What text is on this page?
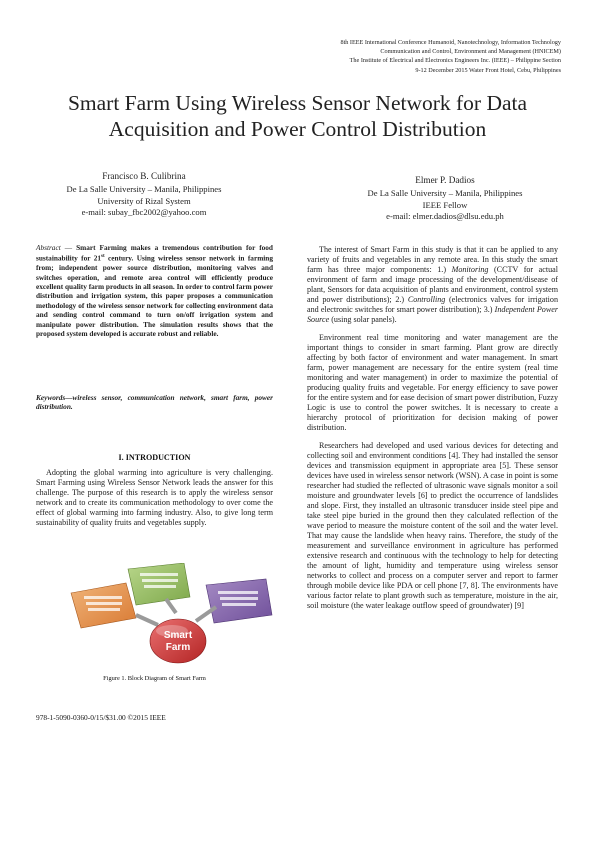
8th IEEE International Conference Humanoid, Nanotechnology, Information Technology
Communication and Control, Environment and Management (HNICEM)
The Institute of Electrical and Electronics Engineers Inc. (IEEE) – Philippine Section
9-12 December 2015 Water Front Hotel, Cebu, Philippines
Smart Farm Using Wireless Sensor Network for Data
Acquisition and Power Control Distribution
Francisco B. Culibrina
De La Salle University – Manila, Philippines
University of Rizal System
e-mail: subay_fbc2002@yahoo.com
Elmer P. Dadios
De La Salle University – Manila, Philippines
IEEE Fellow
e-mail: elmer.dadios@dlsu.edu.ph
Abstract — Smart Farming makes a tremendous contribution for food sustainability for 21st century. Using wireless sensor network in farming from; independent power source distribution, monitoring valves and switches operation, and remote area control will efficiently produce excellent quality farm products in all season. In order to control farm power distribution and irrigation system, this paper proposes a communication methodology of the wireless sensor network for collecting environment data and sending control command to turn on/off irrigation system and manipulate power distribution. The simulation results shows that the proposed system developed is accurate robust and reliable.
Keywords—wireless sensor, communication network, smart farm, power distribution.
I. INTRODUCTION
Adopting the global warming into agriculture is very challenging. Smart Farming using Wireless Sensor Network leads the answer for this challenge. The purpose of this research is to apply the wireless sensor network and to create its communication methodology to over come the effect of global warming into farming industry. Also, to give long term sustainability of quality fruits and vegetables supply.
Smart
Farm
Figure 1. Block Diagram of Smart Farm
978-1-5090-0360-0/15/$31.00 ©2015 IEEE

The interest of Smart Farm in this study is that it can be applied to any variety of fruits and vegetables in any remote area. In this study the smart farm has three major components: 1.) Monitoring (CCTV for actual environment of farm and image processing of the development/disease of plant, Sensors for data acquisition of plants and environment, control system and power distributions); 2.) Controlling (electronics valves for irrigation and electronic switches for smart power distribution); 3.) Independent Power Source (using solar panels).

Environment real time monitoring and water management are the important things to consider in smart farming. Plant grow are directly affecting by both factor of environment and water management. In smart farm, power management are necessary for the entire system (real time monitoring and water management) in order to maximize the potential of producing quality fruits and vegetable. For energy efficiency to save power for the entire system and for ease decision of smart power distribution, Fuzzy Logic is use to control the power switches. It is necessary to create a hierarchy protocol of prioritization for decision making of power distribution.

Researchers had developed and used various devices for detecting and collecting soil and environment conditions [4]. They had installed the sensor devices and transmission equipment in appropriate area [5]. These sensor devices have used in wireless sensor network (WSN). A case in point is some researcher had studied the reflected of ultrasonic wave signals monitor a soil moisture and groundwater levels [6] to predict the occurrence of landslides and slope. First, they installed an ultrasonic transducer inside steel pipe and take steel pipe buried in the ground then they calculated reflection of the wave period to measure the moisture content of the soil and the water level. That may cause the landslide when heavy rains. Therefore, the study of the measurement and surveillance environment in agriculture has performed extensive research and continuous with the technology to help for detecting the amount of light, humidity and temperature using wireless sensor networks to collect and process on a computer server and report to farmer through mobile device like PDA or cell phone [7, 8]. The environments have various factor relate to plant growth such as temperature, moisture in the air, soil moisture (the water leakage outflow speed of groundwater) [9]
